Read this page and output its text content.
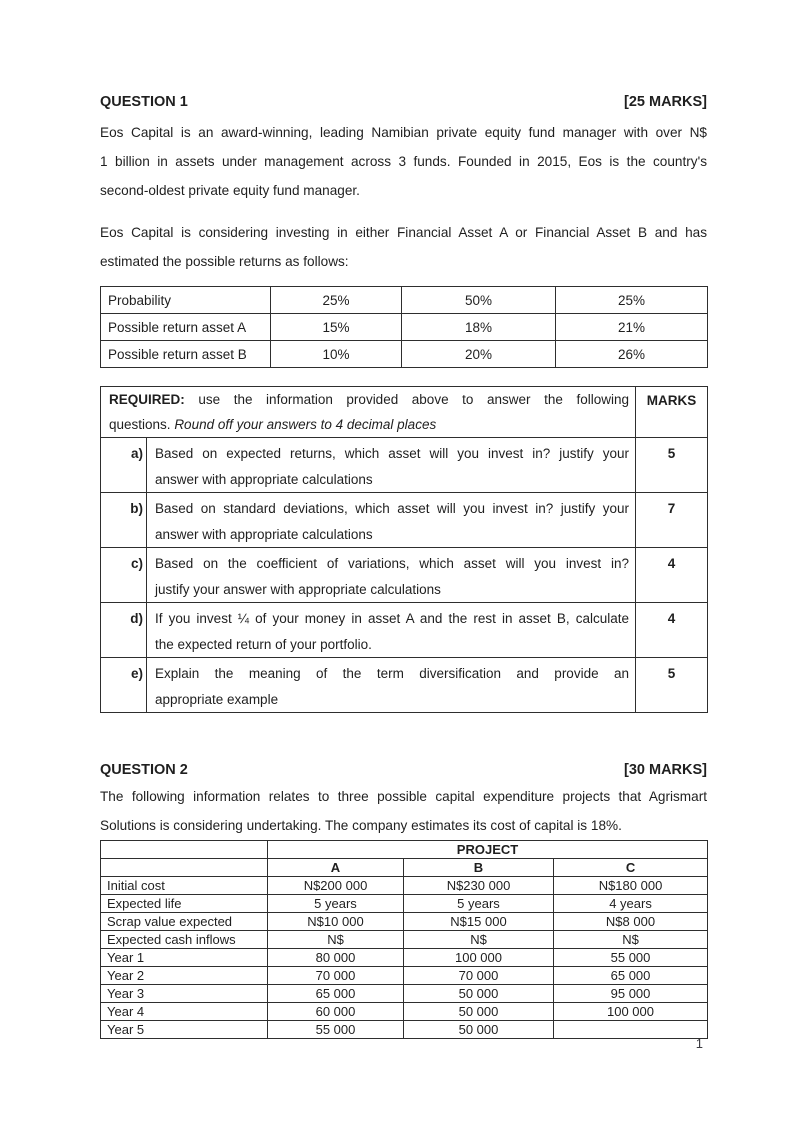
QUESTION 1	[25 MARKS]
Eos Capital is an award-winning, leading Namibian private equity fund manager with over N$
1 billion in assets under management across 3 funds. Founded in 2015, Eos is the country's
second-oldest private equity fund manager.
Eos Capital is considering investing in either Financial Asset A or Financial Asset B and has
estimated the possible returns as follows:
Probability	25%	50%	25%
Possible return asset A	15%	18%	21%
Possible return asset B	10%	20%	26%
REQUIRED: use the information provided above to answer the following
questions. Round off your answers to 4 decimal places		MARKS
a)	Based on expected returns, which asset will you invest in? justify your
answer with appropriate calculations	5
b)	Based on standard deviations, which asset will you invest in? justify your
answer with appropriate calculations	7
c)	Based on the coefficient of variations, which asset will you invest in?
justify your answer with appropriate calculations	4
d)	If you invest ¼ of your money in asset A and the rest in asset B, calculate
the expected return of your portfolio.	4
e)	Explain the meaning of the term diversification and provide an
appropriate example	5
QUESTION 2	[30 MARKS]
The following information relates to three possible capital expenditure projects that Agrismart
Solutions is considering undertaking. The company estimates its cost of capital is 18%.
	PROJECT		
	A	B	C
Initial cost	N$200 000	N$230 000	N$180 000
Expected life	5 years	5 years	4 years
Scrap value expected	N$10 000	N$15 000	N$8 000
Expected cash inflows	N$	N$	N$
Year 1	80 000	100 000	55 000
Year 2	70 000	70 000	65 000
Year 3	65 000	50 000	95 000
Year 4	60 000	50 000	100 000
Year 5	55 000	50 000	
1
